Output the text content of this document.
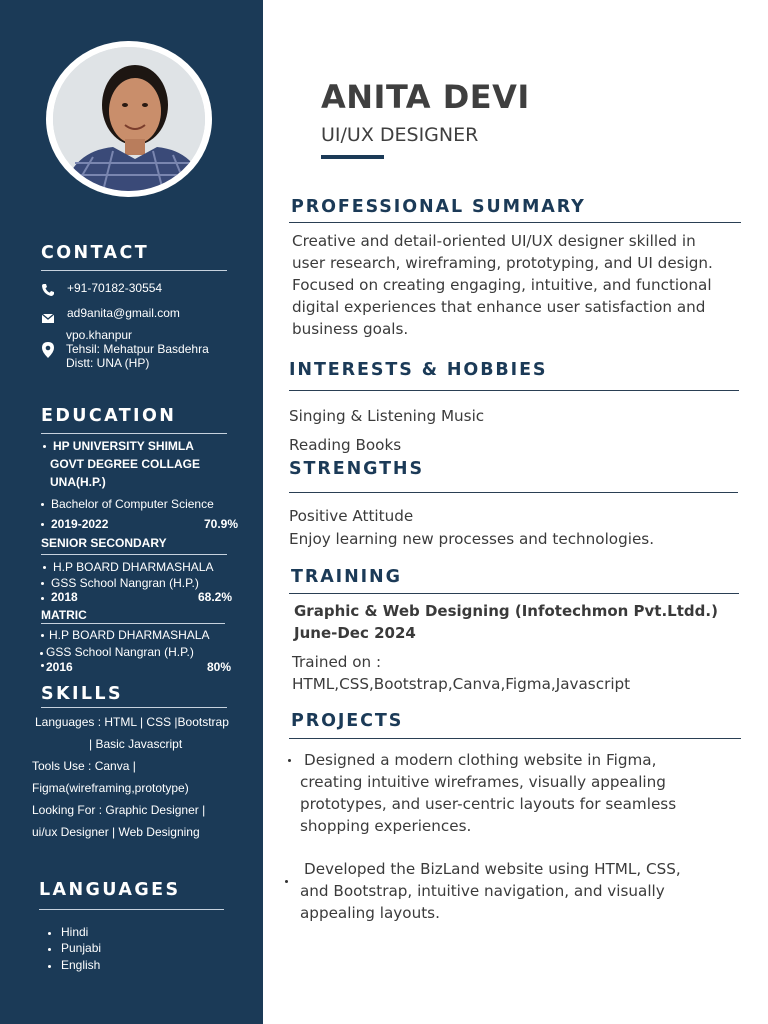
CONTACT
+91-70182-30554
ad9anita@gmail.com
vpo.khanpur
Tehsil: Mehatpur Basdehra
Distt: UNA (HP)
EDUCATION
HP UNIVERSITY SHIMLA
GOVT DEGREE COLLAGE
UNA(H.P.)
Bachelor of Computer Science
2019-2022	70.9%
SENIOR SECONDARY
H.P BOARD DHARMASHALA
GSS School Nangran (H.P.)
2018	68.2%
MATRIC
H.P BOARD DHARMASHALA
GSS School Nangran (H.P.)
2016	80%
SKILLS
Languages : HTML | CSS |Bootstrap
| Basic Javascript
Tools Use : Canva |
Figma(wireframing,prototype)
Looking For : Graphic Designer |
ui/ux Designer | Web Designing
LANGUAGES
Hindi
Punjabi
English
ANITA DEVI
UI/UX DESIGNER
PROFESSIONAL SUMMARY
Creative and detail-oriented UI/UX designer skilled in
user research, wireframing, prototyping, and UI design.
Focused on creating engaging, intuitive, and functional
digital experiences that enhance user satisfaction and
business goals.
INTERESTS & HOBBIES
Singing & Listening Music
Reading Books
STRENGTHS
Positive Attitude
Enjoy learning new processes and technologies.
TRAINING
Graphic & Web Designing (Infotechmon Pvt.Ltdd.)
June-Dec 2024
Trained on :
HTML,CSS,Bootstrap,Canva,Figma,Javascript
PROJECTS
Designed a modern clothing website in Figma,
creating intuitive wireframes, visually appealing
prototypes, and user-centric layouts for seamless
shopping experiences.
Developed the BizLand website using HTML, CSS,
and Bootstrap, intuitive navigation, and visually
appealing layouts.
